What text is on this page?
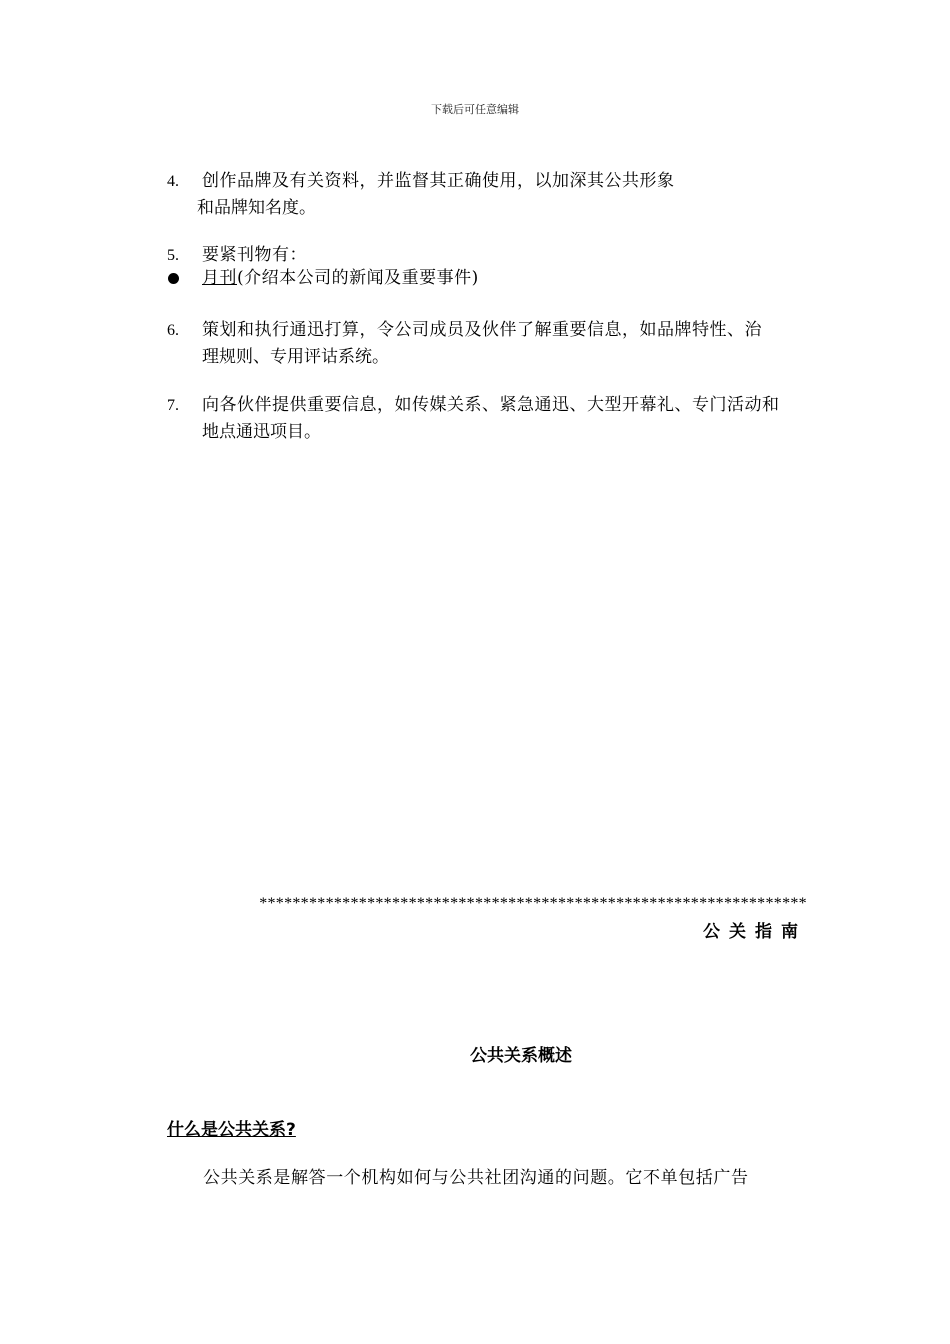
下载后可任意编辑
4. 创作品牌及有关资料，并监督其正确使用，以加深其公共形象
和品牌知名度。
5. 要紧刊物有：
月刊(介绍本公司的新闻及重要事件)
6. 策划和执行通迅打算，令公司成员及伙伴了解重要信息，如品牌特性、治
理规则、专用评诂系统。
7. 向各伙伴提供重要信息，如传媒关系、紧急通迅、大型开幕礼、专门活动和
地点通迅项目。
******************************************************************
公关指南
公共关系概述
什么是公共关系?
公共关系是解答一个机构如何与公共社团沟通的问题。它不单包括广告
